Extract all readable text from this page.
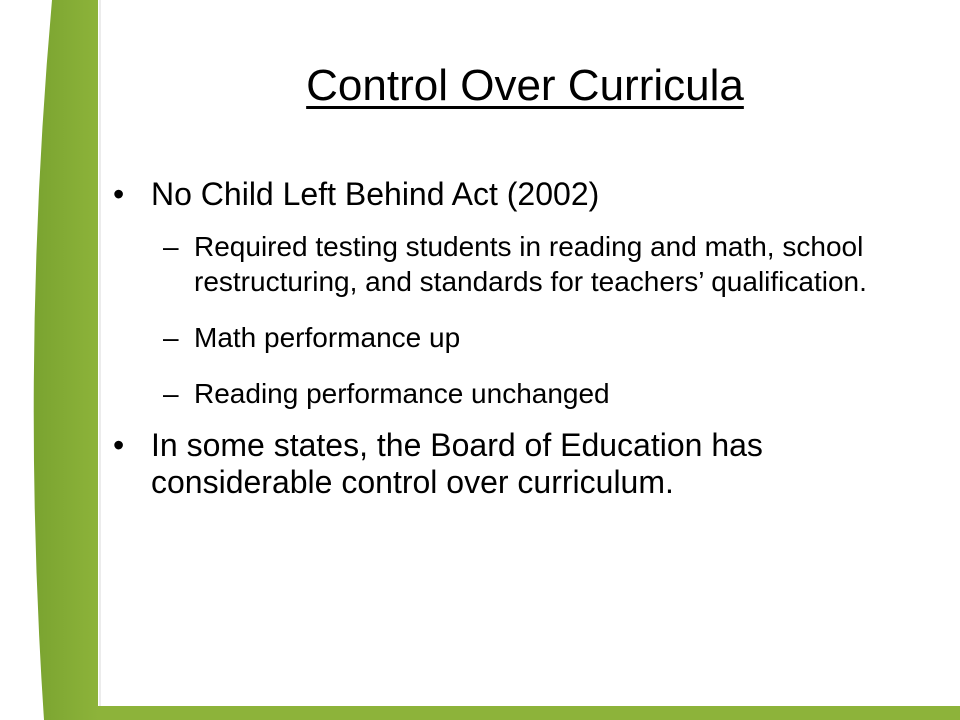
Control Over Curricula
• No Child Left Behind Act (2002)
– Required testing students in reading and math, school restructuring, and standards for teachers’ qualification.
– Math performance up
– Reading performance unchanged
• In some states, the Board of Education has considerable control over curriculum.
